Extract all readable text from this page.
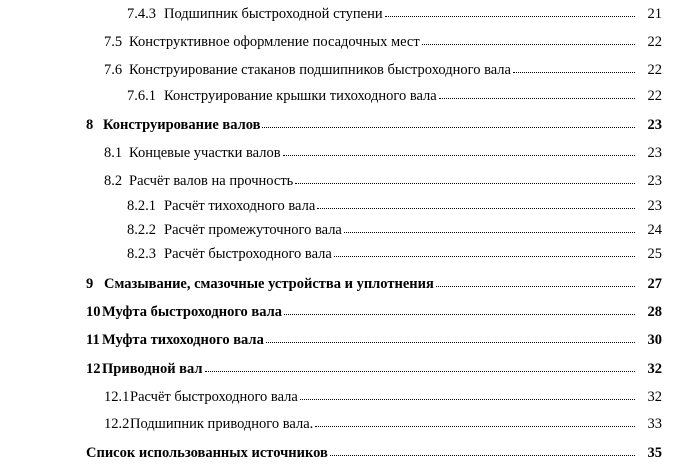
7.4.3 Подшипник быстроходной ступени	21
7.5 Конструктивное оформление посадочных мест	22
7.6 Конструирование стаканов подшипников быстроходного вала	22
7.6.1 Конструирование крышки тихоходного вала	22
8 Конструирование валов	23
8.1 Концевые участки валов	23
8.2 Расчёт валов на прочность	23
8.2.1 Расчёт тихоходного вала	23
8.2.2 Расчёт промежуточного вала	24
8.2.3 Расчёт быстроходного вала	25
9 Смазывание, смазочные устройства и уплотнения	27
10 Муфта быстроходного вала	28
11 Муфта тихоходного вала	30
12 Приводной вал	32
12.1 Расчёт быстроходного вала	32
12.2 Подшипник приводного вала.	33
Список использованных источников	35
